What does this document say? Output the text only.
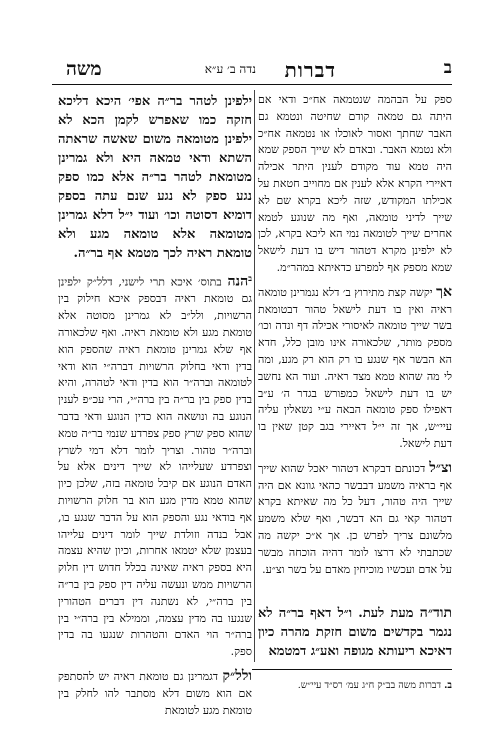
ב
דברות
נדה ב׳ ע״א
משה

ספק על הבהמה שנטמאה אח״כ ודאי אם היתה גם טמאה קודם שחיטה ונטמא גם האבר שחתך ואסור לאוכלו או נטמאה אח״כ ולא נטמא האבר. ובאדם לא שייך הספק שמא היה טמא עוד מקודם לענין היתר אכילה דאיירי הקרא אלא לענין אם מחוייב חטאת על אכילתו המקודש, שזה ליכא בקרא שם לא שייך לדיני טומאה, ואף מה שנוגע לטמא אחרים שייך לטומאה נמי הא ליכא בקרא, לכן לא ילפינן מקרא דטהור דיש בו דעת לישאל שמא מספק אף למפרע כדאיתא במהר״מ.

אך יקשה קצת מתירוץ ב׳ דלא נגמרינן טומאה ראיה ואין בו דעת לישאל טהור דבטומאת בשר שייך טומאה לאיסורי אכילה דף ונדה וכו׳ מספק מותר, שלכאורה אינו מובן כלל, חדא הא הבשר אף שנגע בו רק הוא רק מגע, ומה לי מה שהוא טמא מצד ראיה. ועוד הא נחשב יש בו דעת לישאל כמפורש בגדר ה׳ ע״ב דאפילו ספק טומאה הבאה ע״י נשאלין עליה עיי״ש, אך זה י״ל דאיירי בגב קטן שאין בו דעת לישאל.

וצ״ל דכונתם דבקרא דטהור יאכל שהוא שייך אף בראיה משמע דבבשר כהאי גוונא אם היה שייך היה טהור, דעל כל מה שאיתא בקרא דטהור קאי גם הא דבשר, ואף שלא משמע מלשונם צריך לפרש כן. אך א״כ יקשה מה שכתבתי לא דרצו לומר דהיה הוכחה מבשר על אדם ועכשיו מוכיחין מאדם על בשר וצ״ע.

תוד״ה מעת לעת. ו״ל דאף בר״ה לא נגמר בקדשים משום חזקת מהרה כיון דאיכא ריעותא מגופה ואע״ג דמטמא

ילפינן לטהר בר״ה אפי׳ היכא דליכא חזקה כמו שאפרש לקמן הכא לא ילפינן מטומאה משום שאשה שראתה השתא ודאי טמאה היא ולא גמרינן מטומאת לטהר בר״ה אלא כמו ספק נגע ספק לא נגע שנם עתה בספק דומיא דסוטה וכו׳ ועוד י״ל דלא גמרינן מטומאה אלא טומאה מגע ולא טומאת ראיה לכך מטמא אף בר״ה.

$^ב$הנה בתוס׳ איכא תרי לישני, דלל״ק ילפינן גם טומאת ראיה דבספק איכא חילוק בין הרשויות, ולל״ב לא גמרינן מסוטה אלא טומאת מגע ולא טומאת ראיה. ואף שלכאורה אף שלא גמרינן טומאת ראיה שהספק הוא בדין ודאי בחלוק הרשויות דברה״י הוא ודאי לטומאה וברה״ר הוא בדין ודאי לטהרה, והיא בדין ספק בין בר״ה בין ברה״י, הרי עכ״פ לענין הנוגע בה ונושאה הוא כדין הנוגע ודאי בדבר שהוא ספק שרץ ספק צפרדע שנמי בר״ה טמא וברה״ר טהור. וצריך לומר דלא דמי לשרץ וצפרדע שעלייהו לא שייך דינים אלא על האדם הנוגע אם קיבל טומאה בזה, שלכן כיון שהוא טמא מדין מגע הוא בר חלוק הרשויות אף בודאי נגע והספק הוא על הדבר שנגע בו, אבל בנדה וזולדת שייך לומר דינים עלייהו בעצמן שלא יטמאו אחרות, וכיון שהיא עצמה היא בספק ראיה שאינה בכלל חדוש דין חלוק הרשויות ממש ונעשה עליה דין ספק בין בר״ה בין ברה״י, לא נשתנה דין דברים הטהורין שנגעו בה מדין עצמה, וממילא בין ברה״י בין ברה״ר הוי האדם והטהרות שנגעו בה בדין ספק.

ולל״ק דגמרינן גם טומאת ראיה יש להסתפק אם הוא משום דלא מסתבר להו לחלק בין טומאת מגע לטומאת

ב. דברות משה בב״ק ח״ג עמ׳ רס״ד עיי״ש.
